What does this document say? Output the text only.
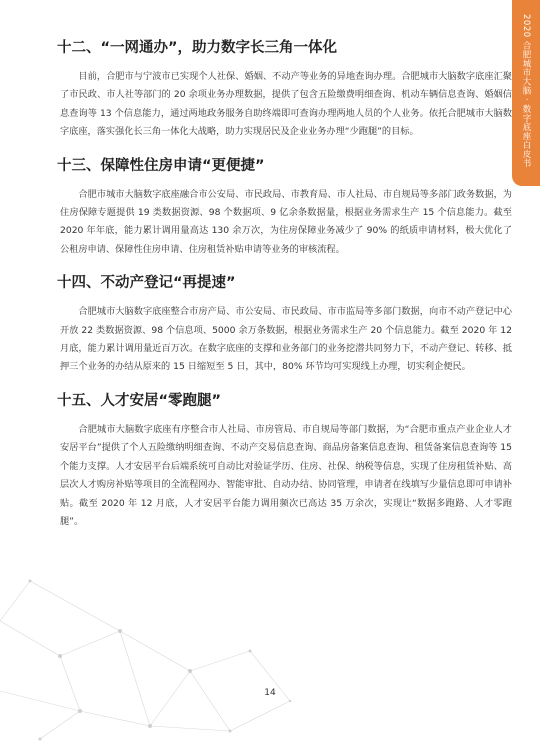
2020 合肥城市大脑 · 数字底座白皮书
十二、“一网通办”，助力数字长三角一体化

目前，合肥市与宁波市已实现个人社保、婚姻、不动产等业务的异地查询办理。合肥城市大脑数字底座汇聚了市民政、市人社等部门的 20 余项业务办理数据，提供了包含五险缴费明细查询、机动车辆信息查询、婚姻信息查询等 13 个信息能力，通过两地政务服务自助终端即可查询办理两地人员的个人业务。依托合肥城市大脑数字底座，落实强化长三角一体化大战略，助力实现居民及企业业务办理“少跑腿”的目标。

十三、保障性住房申请“更便捷”

合肥市城市大脑数字底座融合市公安局、市民政局、市教育局、市人社局、市自规局等多部门政务数据，为住房保障专题提供 19 类数据资源、98 个数据项、9 亿余条数据量，根据业务需求生产 15 个信息能力。截至 2020 年年底，能力累计调用量高达 130 余万次，为住房保障业务减少了 90% 的纸质申请材料，极大优化了公租房申请、保障性住房申请、住房租赁补贴申请等业务的审核流程。

十四、不动产登记“再提速”

合肥城市大脑数字底座整合市房产局、市公安局、市民政局、市市监局等多部门数据，向市不动产登记中心开放 22 类数据资源、98 个信息项、5000 余万条数据，根据业务需求生产 20 个信息能力。截至 2020 年 12 月底，能力累计调用量近百万次。在数字底座的支撑和业务部门的业务挖潜共同努力下，不动产登记、转移、抵押三个业务的办结从原来的 15 日缩短至 5 日，其中，80% 环节均可实现线上办理，切实利企便民。

十五、人才安居“零跑腿”

合肥城市大脑数字底座有序整合市人社局、市房管局、市自规局等部门数据，为“合肥市重点产业企业人才安居平台”提供了个人五险缴纳明细查询、不动产交易信息查询、商品房备案信息查询、租赁备案信息查询等 15 个能力支撑。人才安居平台后端系统可自动比对验证学历、住房、社保、纳税等信息，实现了住房租赁补贴、高层次人才购房补贴等项目的全流程网办、智能审批、自动办结、协同管理，申请者在线填写少量信息即可申请补贴。截至 2020 年 12 月底，人才安居平台能力调用频次已高达 35 万余次，实现让“数据多跑路、人才零跑腿”。

14
